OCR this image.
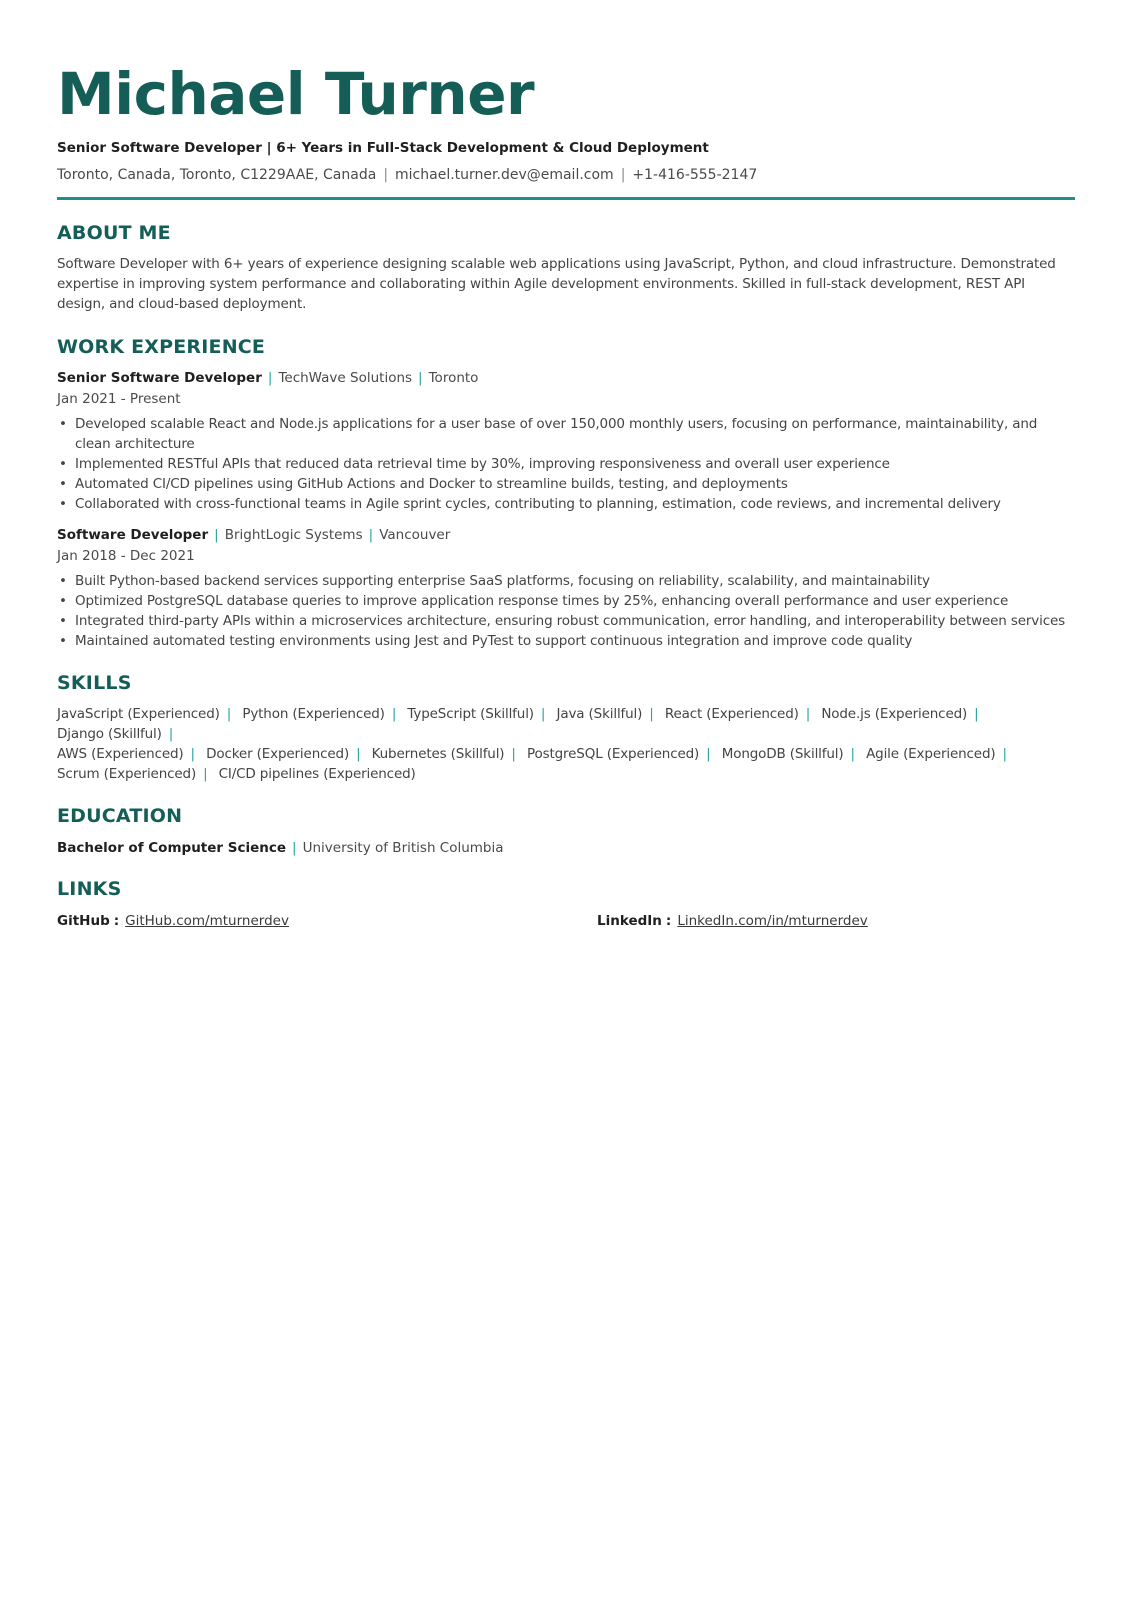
Michael Turner
Senior Software Developer | 6+ Years in Full-Stack Development & Cloud Deployment
Toronto, Canada, Toronto, C1229AAE, Canada | michael.turner.dev@email.com | +1-416-555-2147
ABOUT ME
Software Developer with 6+ years of experience designing scalable web applications using JavaScript, Python, and cloud infrastructure. Demonstrated expertise in improving system performance and collaborating within Agile development environments. Skilled in full-stack development, REST API design, and cloud-based deployment.
WORK EXPERIENCE
Senior Software Developer | TechWave Solutions | Toronto
Jan 2021 - Present
• Developed scalable React and Node.js applications for a user base of over 150,000 monthly users, focusing on performance, maintainability, and clean architecture
• Implemented RESTful APIs that reduced data retrieval time by 30%, improving responsiveness and overall user experience
• Automated CI/CD pipelines using GitHub Actions and Docker to streamline builds, testing, and deployments
• Collaborated with cross-functional teams in Agile sprint cycles, contributing to planning, estimation, code reviews, and incremental delivery
Software Developer | BrightLogic Systems | Vancouver
Jan 2018 - Dec 2021
• Built Python-based backend services supporting enterprise SaaS platforms, focusing on reliability, scalability, and maintainability
• Optimized PostgreSQL database queries to improve application response times by 25%, enhancing overall performance and user experience
• Integrated third-party APIs within a microservices architecture, ensuring robust communication, error handling, and interoperability between services
• Maintained automated testing environments using Jest and PyTest to support continuous integration and improve code quality
SKILLS
JavaScript (Experienced) | Python (Experienced) | TypeScript (Skillful) | Java (Skillful) | React (Experienced) | Node.js (Experienced) | Django (Skillful) |
AWS (Experienced) | Docker (Experienced) | Kubernetes (Skillful) | PostgreSQL (Experienced) | MongoDB (Skillful) | Agile (Experienced) |
Scrum (Experienced) | CI/CD pipelines (Experienced)
EDUCATION
Bachelor of Computer Science | University of British Columbia
LINKS
GitHub : GitHub.com/mturnerdev	LinkedIn : LinkedIn.com/in/mturnerdev
